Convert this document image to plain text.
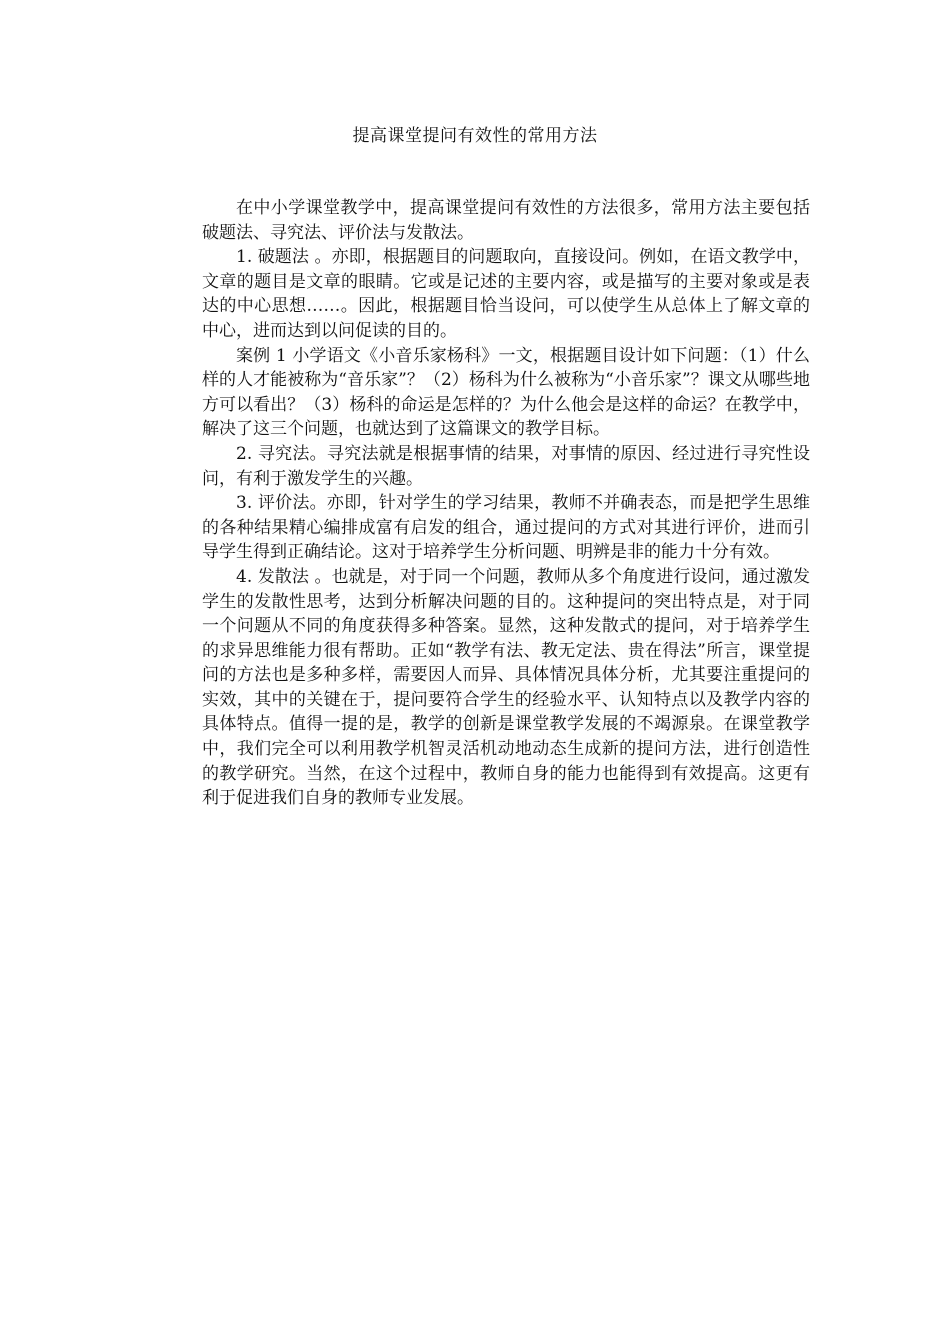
提高课堂提问有效性的常用方法

在中小学课堂教学中，提高课堂提问有效性的方法很多，常用方法主要包括破题法、寻究法、评价法与发散法。

1. 破题法 。亦即，根据题目的问题取向，直接设问。例如，在语文教学中，文章的题目是文章的眼睛。它或是记述的主要内容，或是描写的主要对象或是表达的中心思想……。因此，根据题目恰当设问，可以使学生从总体上了解文章的中心，进而达到以问促读的目的。

案例 1 小学语文《小音乐家杨科》一文，根据题目设计如下问题：（1）什么样的人才能被称为“音乐家”？（2）杨科为什么被称为“小音乐家”？课文从哪些地方可以看出？（3）杨科的命运是怎样的？为什么他会是这样的命运？在教学中，解决了这三个问题，也就达到了这篇课文的教学目标。

2. 寻究法。寻究法就是根据事情的结果，对事情的原因、经过进行寻究性设问，有利于激发学生的兴趣。

3. 评价法。亦即，针对学生的学习结果，教师不并确表态，而是把学生思维的各种结果精心编排成富有启发的组合，通过提问的方式对其进行评价，进而引导学生得到正确结论。这对于培养学生分析问题、明辨是非的能力十分有效。

4. 发散法 。也就是，对于同一个问题，教师从多个角度进行设问，通过激发学生的发散性思考，达到分析解决问题的目的。这种提问的突出特点是，对于同一个问题从不同的角度获得多种答案。显然，这种发散式的提问，对于培养学生的求异思维能力很有帮助。正如“教学有法、教无定法、贵在得法”所言，课堂提问的方法也是多种多样，需要因人而异、具体情况具体分析，尤其要注重提问的实效，其中的关键在于，提问要符合学生的经验水平、认知特点以及教学内容的具体特点。值得一提的是，教学的创新是课堂教学发展的不竭源泉。在课堂教学中，我们完全可以利用教学机智灵活机动地动态生成新的提问方法，进行创造性的教学研究。当然，在这个过程中，教师自身的能力也能得到有效提高。这更有利于促进我们自身的教师专业发展。
